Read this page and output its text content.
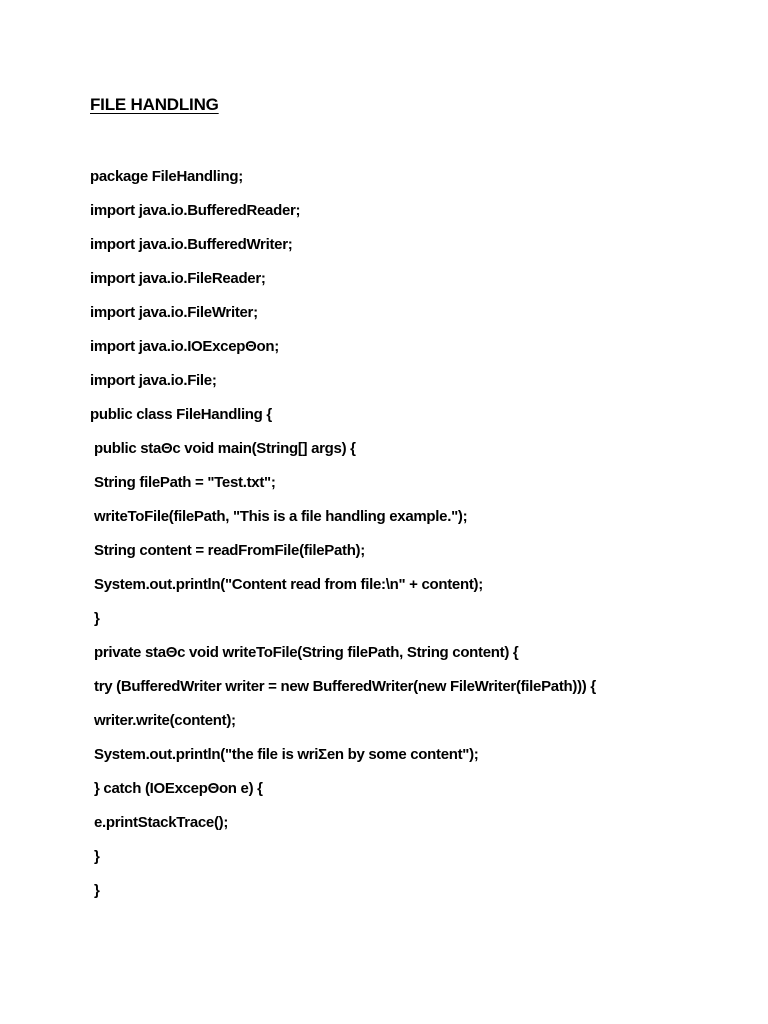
FILE HANDLING
package FileHandling;
import java.io.BufferedReader;
import java.io.BufferedWriter;
import java.io.FileReader;
import java.io.FileWriter;
import java.io.IOExcepΘon;
import java.io.File;
public class FileHandling {
public staΘc void main(String[] args) {
String filePath = "Test.txt";
writeToFile(filePath, "This is a file handling example.");
String content = readFromFile(filePath);
System.out.println("Content read from file:\n" + content);
}
private staΘc void writeToFile(String filePath, String content) {
try (BufferedWriter writer = new BufferedWriter(new FileWriter(filePath))) {
writer.write(content);
System.out.println("the file is wriΣen by some content");
} catch (IOExcepΘon e) {
e.printStackTrace();
}
}
